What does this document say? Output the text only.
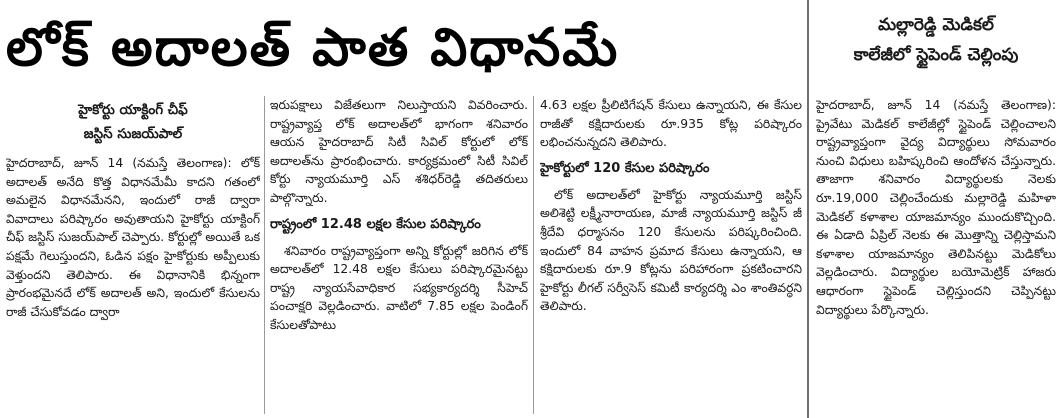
లోక్ అదాలత్ పాత విధానమే
హైకోర్టు యాక్టింగ్ చీఫ్
జస్టిస్ సుజయ్‌పాల్

హైదరాబాద్, జూన్ 14 (నమస్తే తెలంగాణ): లోక్ అదాలత్ అనేది కొత్త విధానమేమీ కాదని గతంలో అమలైన విధానమేనని, ఇందులో రాజీ ద్వారా వివాదాలు పరిష్కారం అవుతాయని హైకోర్టు యాక్టింగ్ చీఫ్ జస్టిస్ సుజయ్‌పాల్ చెప్పారు. కోర్టుల్లో అయితే ఒక పక్షమే గెలుస్తుందని, ఓడిన పక్షం హైకోర్టుకు అప్పీలుకు వెళ్తుందని తెలిపారు. ఈ విధానానికి భిన్నంగా ప్రారంభమైనదే లోక్ అదాలత్ అని, ఇందులో కేసులను రాజీ చేసుకోవడం ద్వారా

ఇరుపక్షాలు విజేతలుగా నిలుస్తాయని వివరించారు. రాష్ట్రవ్యాప్త లోక్ అదాలత్‌లో భాగంగా శనివారం ఆయన హైదరాబాద్ సిటీ సివిల్ కోర్టులో లోక్ అదాలత్‌ను ప్రారంభించారు. కార్యక్రమంలో సిటీ సివిల్ కోర్టు న్యాయమూర్తి ఎస్ శశిధర్‌రెడ్డి తదితరులు పాల్గొన్నారు.

రాష్ట్రంలో 12.48 లక్షల కేసుల పరిష్కారం

శనివారం రాష్ట్రవ్యాప్తంగా అన్ని కోర్టుల్లో జరిగిన లోక్ అదాలత్‌లో 12.48 లక్షల కేసులు పరిష్కారమైనట్టు రాష్ట్ర న్యాయసేవాధికార సభ్యకార్యదర్శి సీహెచ్ పంచాక్షరి వెల్లడించారు. వాటిలో 7.85 లక్షల పెండింగ్ కేసులతోపాటు

4.63 లక్షల ప్రీలిటిగేషన్ కేసులు ఉన్నాయని, ఈ కేసుల రాజీతో కక్షిదారులకు రూ.935 కోట్ల పరిష్కారం లభించనున్నదని తెలిపారు.

హైకోర్టులో 120 కేసుల పరిష్కారం

లోక్ అదాలత్‌లో హైకోర్టు న్యాయమూర్తి జస్టిస్ అలిశెట్టి లక్ష్మీనారాయణ, మాజీ న్యాయమూర్తి జస్టిస్ జీ శ్రీదేవి ధర్మాసనం 120 కేసులను పరిష్కరించింది. ఇందులో 84 వాహన ప్రమాద కేసులు ఉన్నాయని, ఆ కక్షిదారులకు రూ.9 కోట్లను పరిహారంగా ప్రకటించారని హైకోర్టు లీగల్ సర్వీసెస్ కమిటీ కార్యదర్శి ఎం శాంతివర్ధని తెలిపారు.

మల్లారెడ్డి మెడికల్
కాలేజీలో స్టైపెండ్ చెల్లింపు

హైదరాబాద్, జూన్ 14 (నమస్తే తెలంగాణ): ప్రైవేటు మెడికల్ కాలేజీల్లో స్టైపెండ్ చెల్లించాలని రాష్ట్రవ్యాప్తంగా వైద్య విద్యార్థులు సోమవారం నుంచి విధులు బహిష్కరించి ఆందోళన చేస్తున్నారు. తాజాగా శనివారం విద్యార్థులకు నెలకు రూ.19,000 చెల్లించేందుకు మల్లారెడ్డి మహిళా మెడికల్ కళాశాల యాజమాన్యం ముందుకొచ్చింది. ఈ ఏడాది ఏప్రిల్ నెలకు ఈ మొత్తాన్ని చెల్లిస్తామని కళాశాల యాజమాన్యం తెలిపినట్టు మెడికోలు వెల్లడించారు. విద్యార్థుల బయోమెట్రిక్ హాజరు ఆధారంగా స్టైపెండ్ చెల్లిస్తుందని చెప్పినట్టు విద్యార్థులు పేర్కొన్నారు.
